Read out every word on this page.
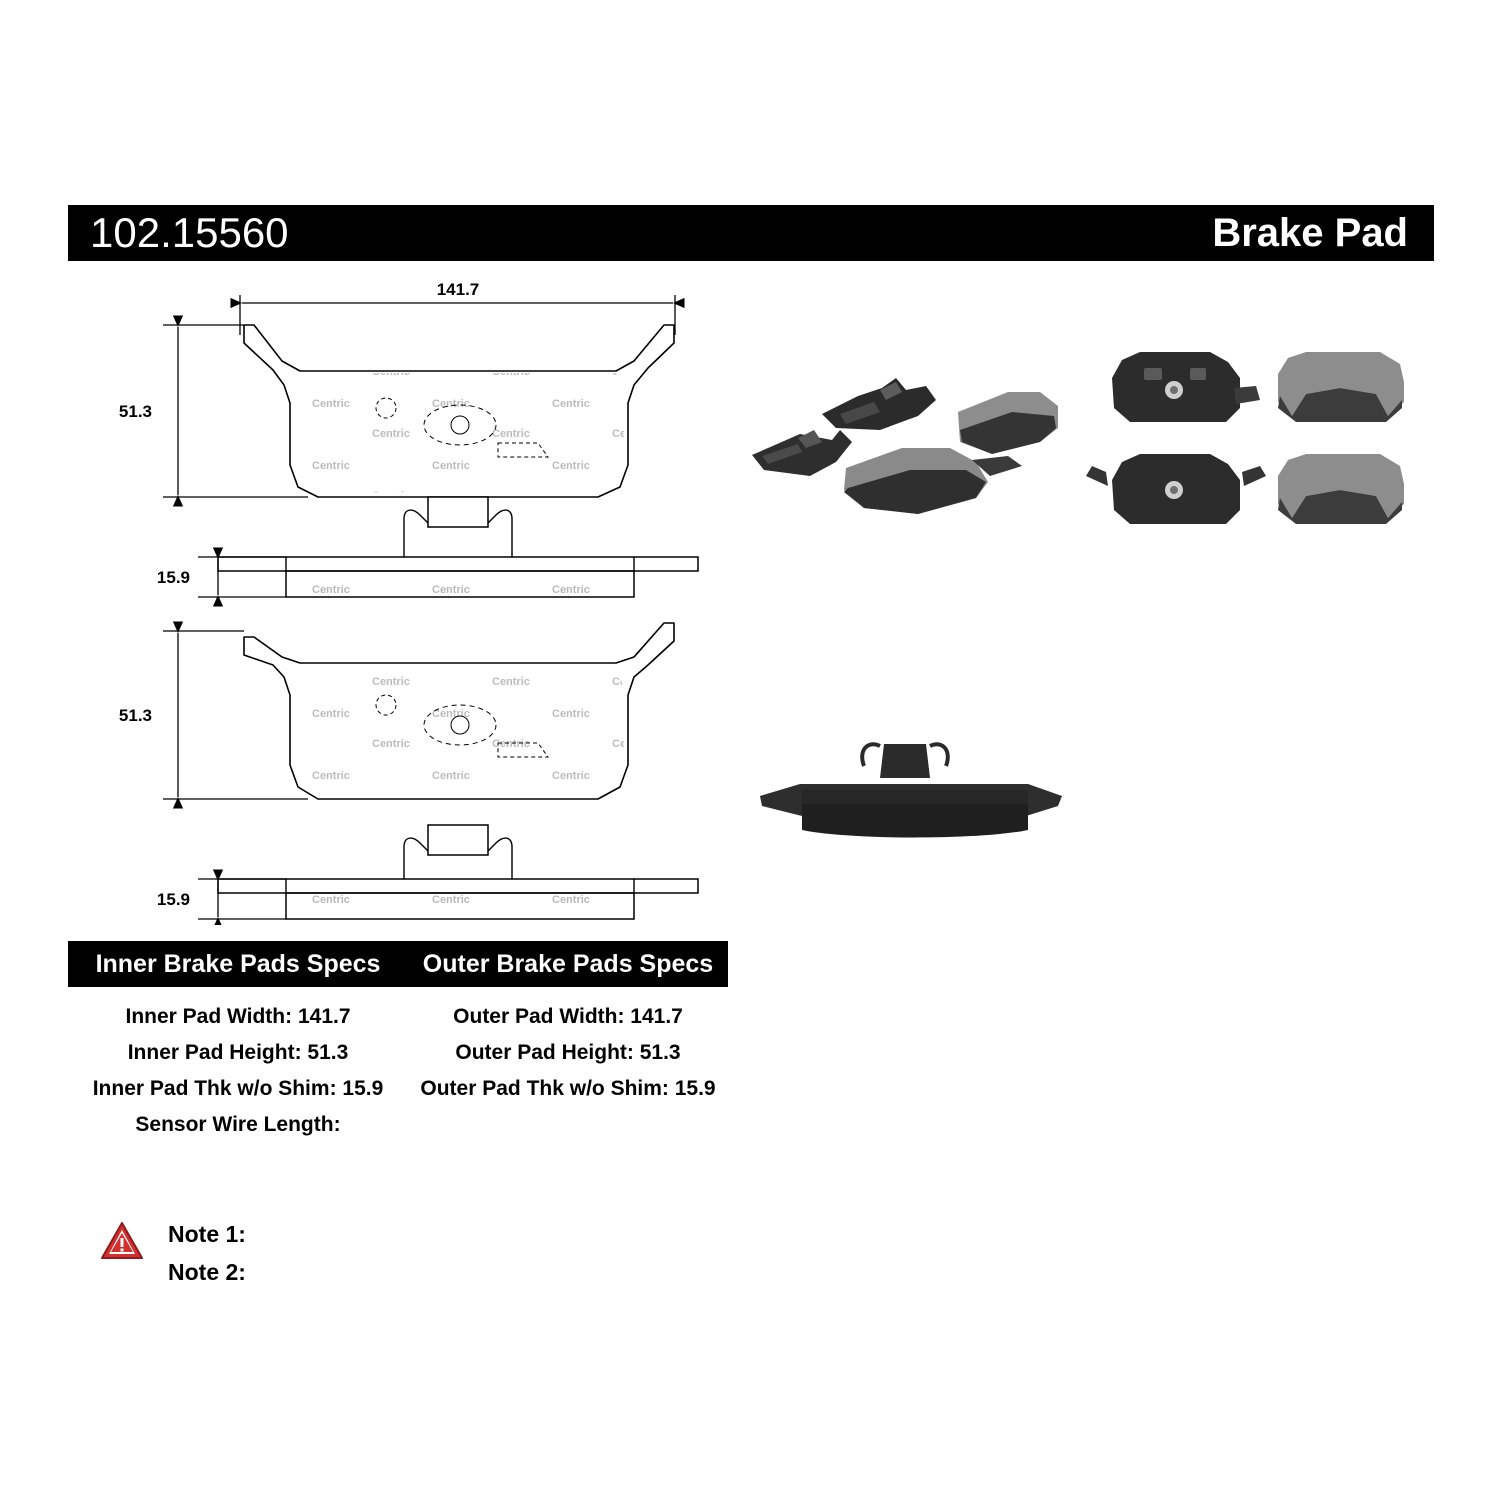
102.15560	Brake Pad
141.7
51.3
15.9
51.3
15.9
Inner Brake Pads Specs	Outer Brake Pads Specs
Inner Pad Width: 141.7
Inner Pad Height: 51.3
Inner Pad Thk w/o Shim: 15.9
Sensor Wire Length:
Outer Pad Width: 141.7
Outer Pad Height: 51.3
Outer Pad Thk w/o Shim: 15.9
Note 1:
Note 2:
